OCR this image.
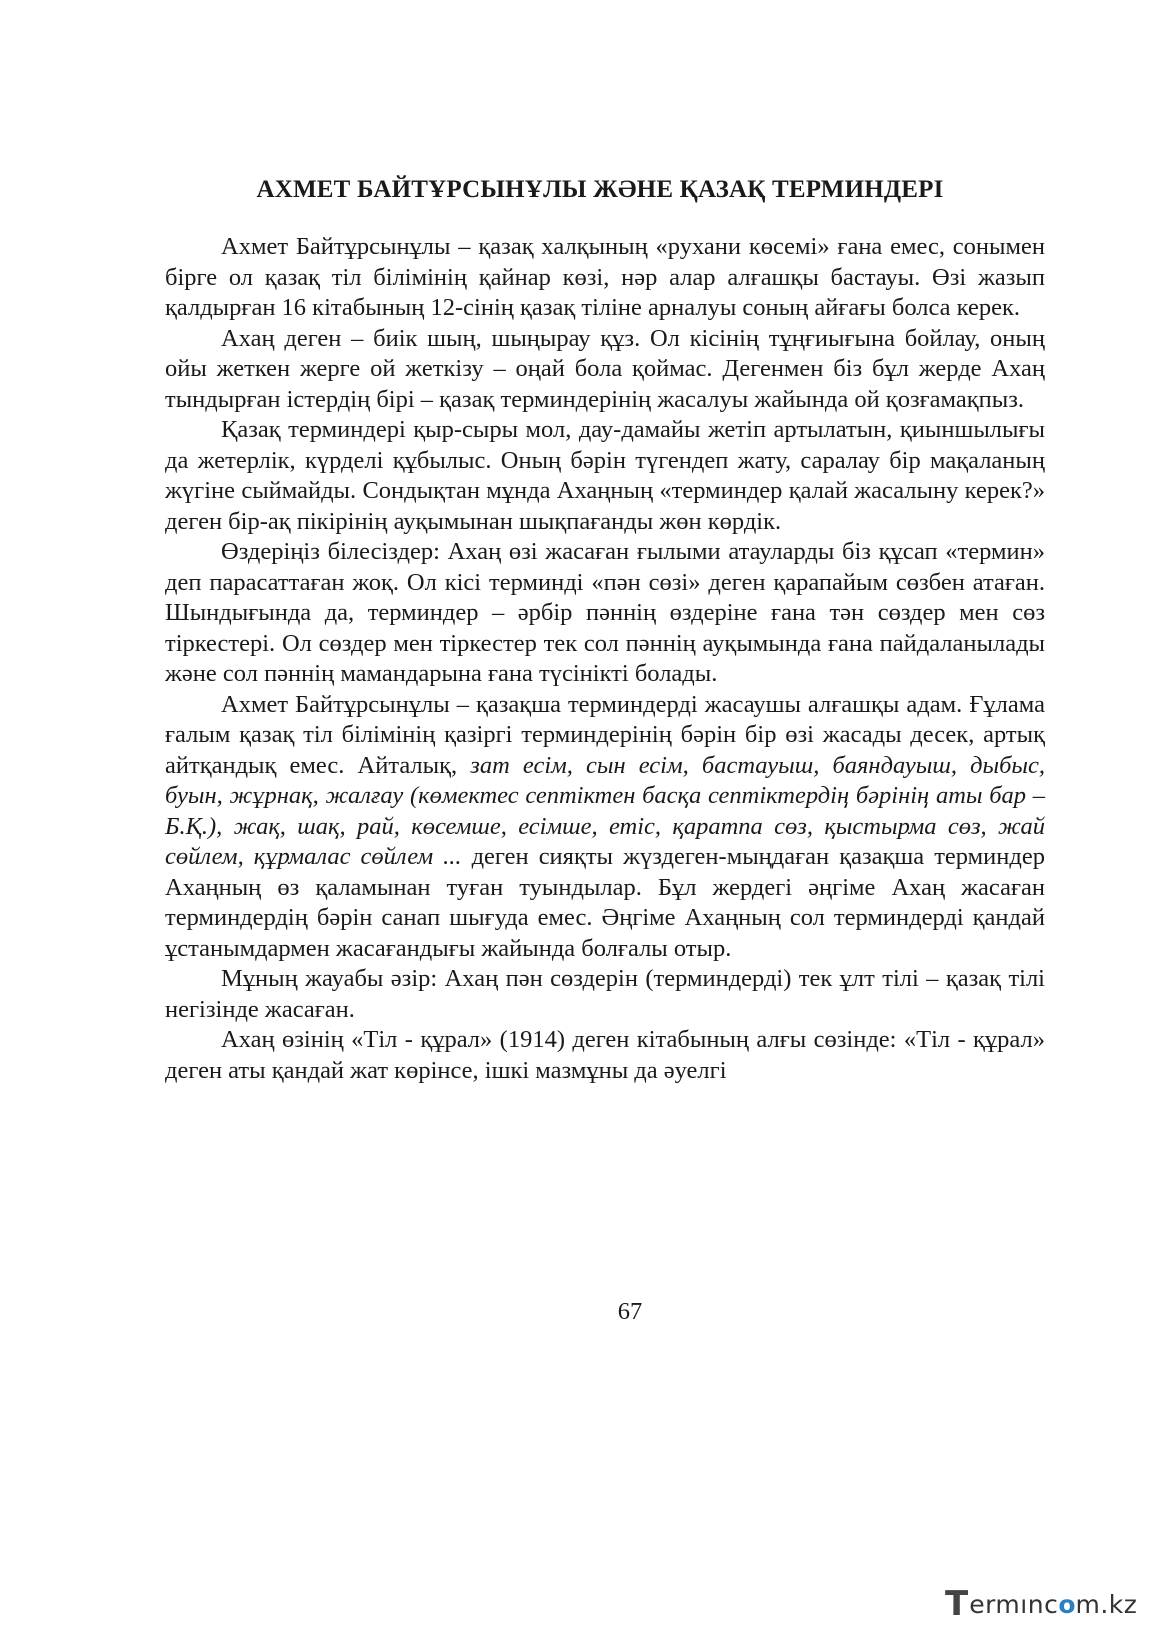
АХМЕТ БАЙТҰРСЫНҰЛЫ ЖӘНЕ ҚАЗАҚ ТЕРМИНДЕРІ

Ахмет Байтұрсынұлы – қазақ халқының «рухани көсемі» ғана емес, сонымен бірге ол қазақ тіл білімінің қайнар көзі, нәр алар алғашқы бастауы. Өзі жазып қалдырған 16 кітабының 12-сінің қазақ тіліне арналуы соның айғағы болса керек.

Ахаң деген – биік шың, шыңырау құз. Ол кісінің тұңғиығына бойлау, оның ойы жеткен жерге ой жеткізу – оңай бола қоймас. Дегенмен біз бұл жерде Ахаң тындырған істердің бірі – қазақ терминдерінің жасалуы жайында ой қозғамақпыз.

Қазақ терминдері қыр-сыры мол, дау-дамайы жетіп артылатын, қиыншылығы да жетерлік, күрделі құбылыс. Оның бәрін түгендеп жату, саралау бір мақаланың жүгіне сыймайды. Сондықтан мұнда Ахаңның «терминдер қалай жасалыну керек?» деген бір-ақ пікірінің ауқымынан шықпағанды жөн көрдік.

Өздеріңіз білесіздер: Ахаң өзі жасаған ғылыми атауларды біз құсап «термин» деп парасаттаған жоқ. Ол кісі терминді «пән сөзі» деген қарапайым сөзбен атаған. Шындығында да, терминдер – әрбір пәннің өздеріне ғана тән сөздер мен сөз тіркестері. Ол сөздер мен тіркестер тек сол пәннің ауқымында ғана пайдаланылады және сол пәннің мамандарына ғана түсінікті болады.

Ахмет Байтұрсынұлы – қазақша терминдерді жасаушы алғашқы адам. Ғұлама ғалым қазақ тіл білімінің қазіргі терминдерінің бәрін бір өзі жасады десек, артық айтқандық емес. Айталық, зат есім, сын есім, бастауыш, баяндауыш, дыбыс, буын, жұрнақ, жалғау (көмектес септіктен басқа септіктердің бәрінің аты бар – Б.Қ.), жақ, шақ, рай, көсемше, есімше, етіс, қаратпа сөз, қыстырма сөз, жай сөйлем, құрмалас сөйлем ... деген сияқты жүздеген-мыңдаған қазақша терминдер Ахаңның өз қаламынан туған туындылар. Бұл жердегі әңгіме Ахаң жасаған терминдердің бәрін санап шығуда емес. Әңгіме Ахаңның сол терминдерді қандай ұстанымдармен жасағандығы жайында болғалы отыр.

Мұның жауабы әзір: Ахаң пән сөздерін (терминдерді) тек ұлт тілі – қазақ тілі негізінде жасаған.

Ахаң өзінің «Тіл - құрал» (1914) деген кітабының алғы сөзінде: «Тіл - құрал» деген аты қандай жат көрінсе, ішкі мазмұны да әуелгі

67
T ermınc o m.kz
